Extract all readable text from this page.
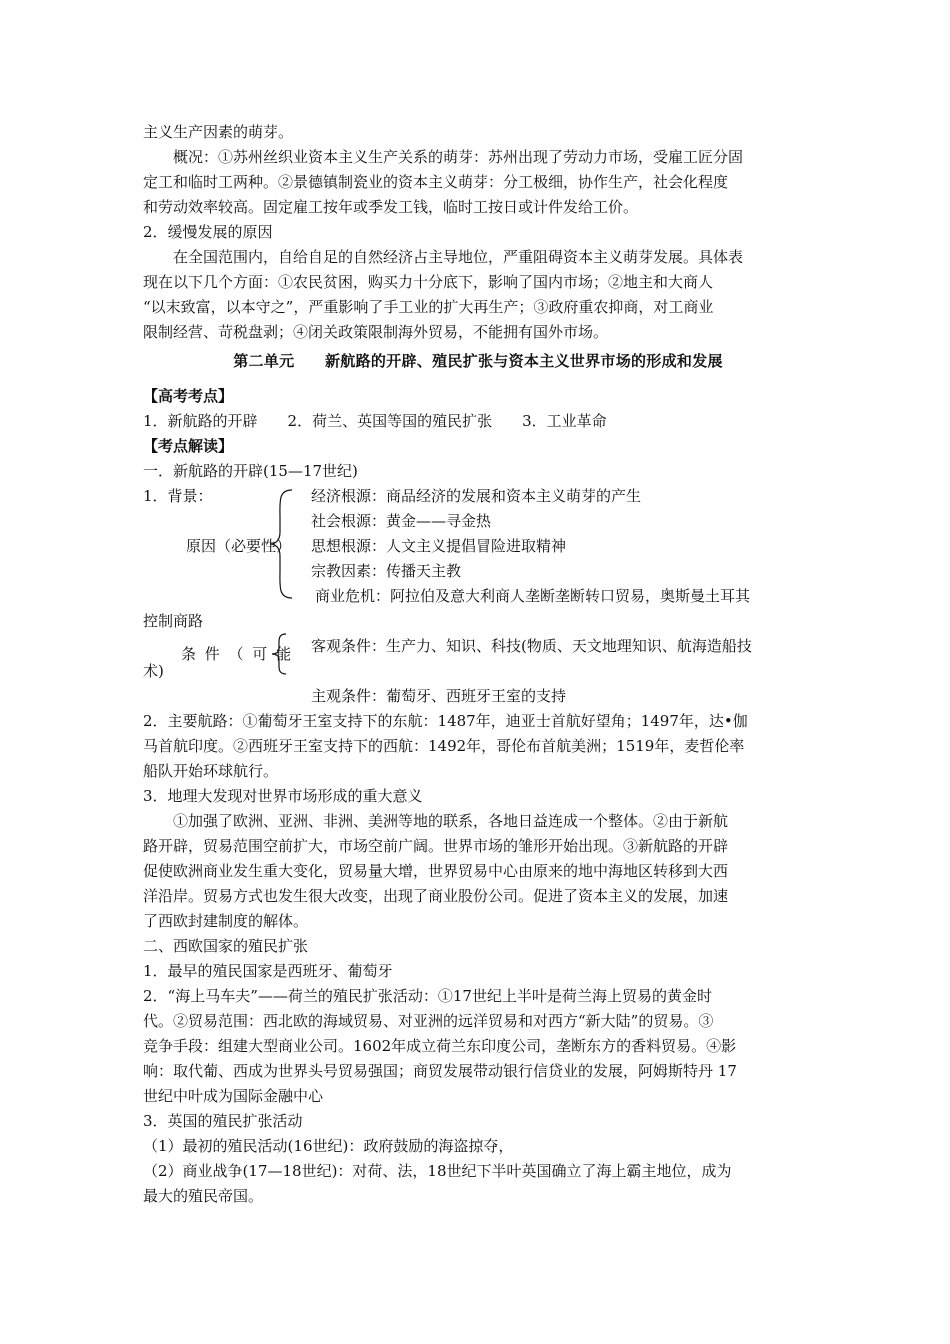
主义生产因素的萌芽。
概况：①苏州丝织业资本主义生产关系的萌芽：苏州出现了劳动力市场，受雇工匠分固
定工和临时工两种。②景德镇制瓷业的资本主义萌芽：分工极细，协作生产，社会化程度
和劳动效率较高。固定雇工按年或季发工钱，临时工按日或计件发给工价。
2．缓慢发展的原因
在全国范围内，自给自足的自然经济占主导地位，严重阻碍资本主义萌芽发展。具体表
现在以下几个方面：①农民贫困，购买力十分底下，影响了国内市场；②地主和大商人
“以末致富，以本守之”，严重影响了手工业的扩大再生产；③政府重农抑商，对工商业
限制经营、苛税盘剥；④闭关政策限制海外贸易，不能拥有国外市场。
第二单元　　新航路的开辟、殖民扩张与资本主义世界市场的形成和发展
【高考考点】
1．新航路的开辟　　2．荷兰、英国等国的殖民扩张　　3．工业革命
【考点解读】
一．新航路的开辟(15—17世纪)
1．背景：
原因（必要性）
经济根源：商品经济的发展和资本主义萌芽的产生
社会根源：黄金——寻金热
思想根源：人文主义提倡冒险进取精神
宗教因素：传播天主教
商业危机：阿拉伯及意大利商人垄断垄断转口贸易，奥斯曼土耳其
控制商路
条 件 （ 可 能 客观条件：生产力、知识、科技(物质、天文地理知识、航海造船技
术)
主观条件：葡萄牙、西班牙王室的支持
2．主要航路：①葡萄牙王室支持下的东航：1487年，迪亚士首航好望角；1497年，达•伽
马首航印度。②西班牙王室支持下的西航：1492年，哥伦布首航美洲；1519年，麦哲伦率
船队开始环球航行。
3．地理大发现对世界市场形成的重大意义
①加强了欧洲、亚洲、非洲、美洲等地的联系，各地日益连成一个整体。②由于新航
路开辟，贸易范围空前扩大，市场空前广阔。世界市场的雏形开始出现。③新航路的开辟
促使欧洲商业发生重大变化，贸易量大增，世界贸易中心由原来的地中海地区转移到大西
洋沿岸。贸易方式也发生很大改变，出现了商业股份公司。促进了资本主义的发展，加速
了西欧封建制度的解体。
二、西欧国家的殖民扩张
1．最早的殖民国家是西班牙、葡萄牙
2．“海上马车夫”——荷兰的殖民扩张活动：①17世纪上半叶是荷兰海上贸易的黄金时
代。②贸易范围：西北欧的海域贸易、对亚洲的远洋贸易和对西方“新大陆”的贸易。③
竞争手段：组建大型商业公司。1602年成立荷兰东印度公司，垄断东方的香料贸易。④影
响：取代葡、西成为世界头号贸易强国；商贸发展带动银行信贷业的发展，阿姆斯特丹 17
世纪中叶成为国际金融中心
3．英国的殖民扩张活动
（1）最初的殖民活动(16世纪)：政府鼓励的海盗掠夺，
（2）商业战争(17—18世纪)：对荷、法，18世纪下半叶英国确立了海上霸主地位，成为
最大的殖民帝国。
